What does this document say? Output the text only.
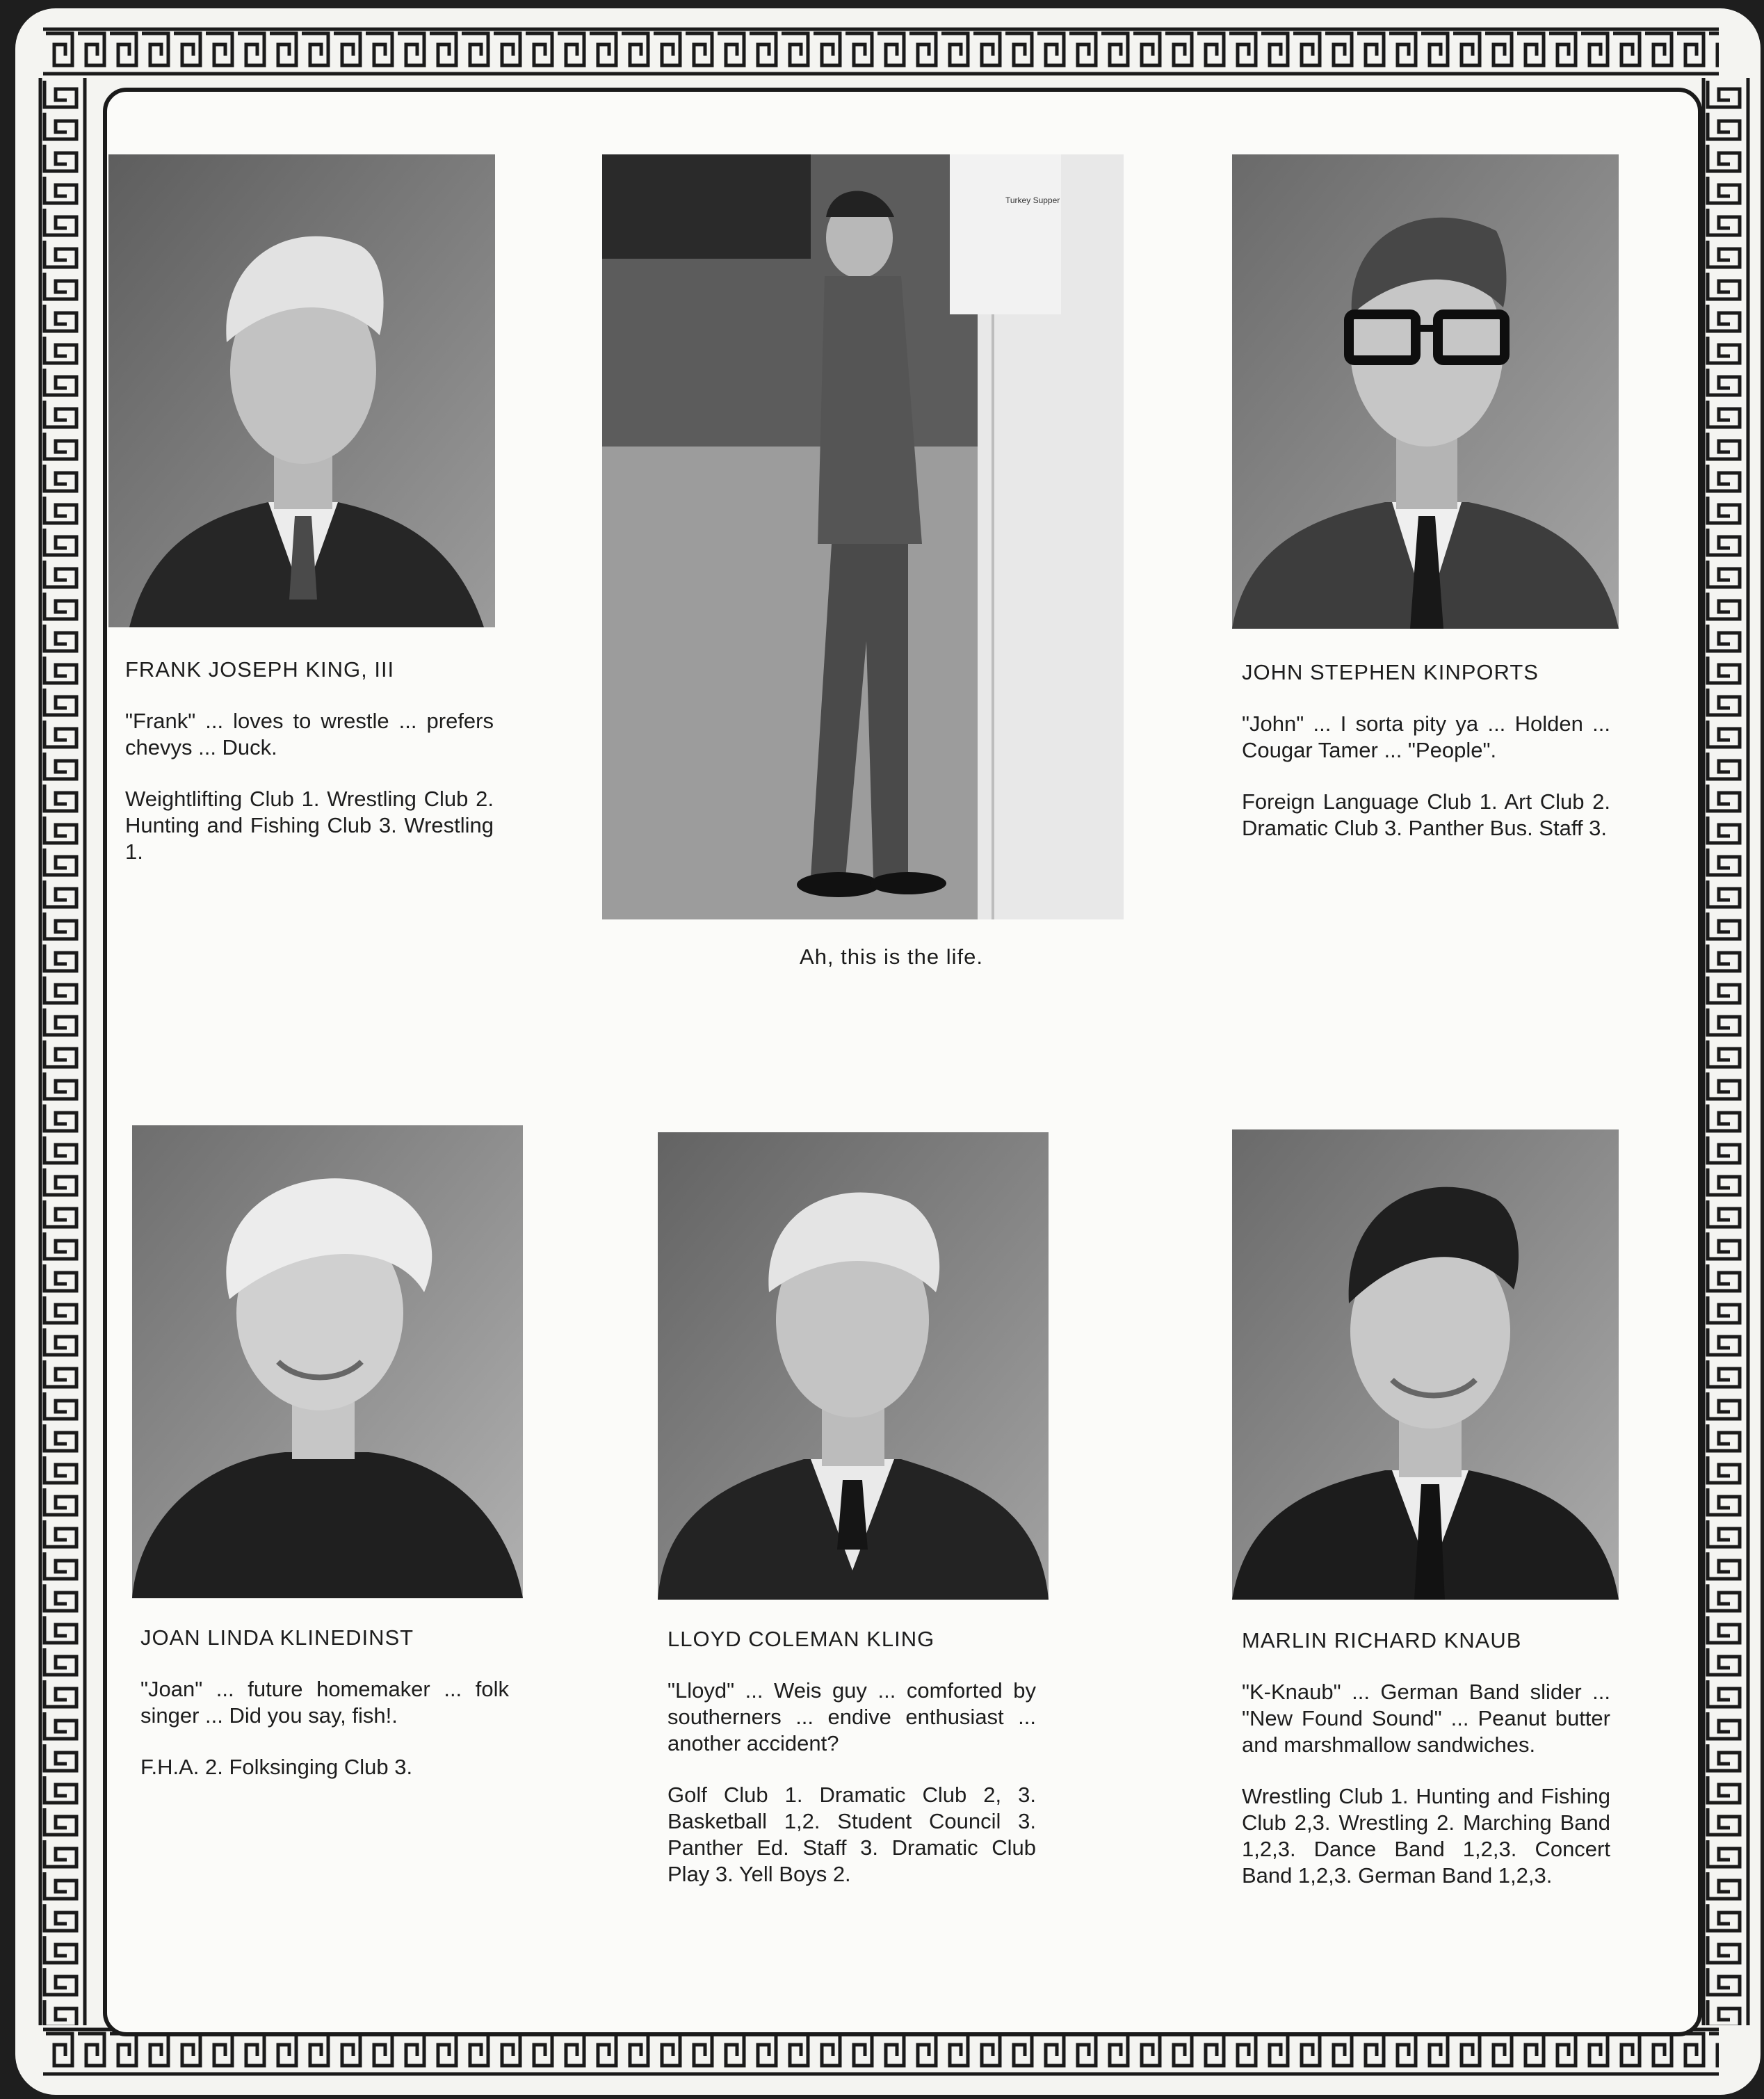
Turkey Supper

FRANK JOSEPH KING, III

"Frank" ... loves to wrestle ... prefers chevys ... Duck.

Weightlifting Club 1. Wrestling Club 2. Hunting and Fishing Club 3. Wrestling 1.

Ah, this is the life.

JOHN STEPHEN KINPORTS

"John" ... I sorta pity ya ... Holden ... Cougar Tamer ... "People".

Foreign Language Club 1. Art Club 2. Dramatic Club 3. Panther Bus. Staff 3.

JOAN LINDA KLINEDINST

"Joan" ... future homemaker ... folk singer ... Did you say, fish!.

F.H.A. 2. Folksinging Club 3.

LLOYD COLEMAN KLING

"Lloyd" ... Weis guy ... comforted by southerners ... endive enthusiast ... another accident?

Golf Club 1. Dramatic Club 2, 3. Basketball 1,2. Student Council 3. Panther Ed. Staff 3. Dramatic Club Play 3. Yell Boys 2.

MARLIN RICHARD KNAUB

"K-Knaub" ... German Band slider ... "New Found Sound" ... Peanut butter and marshmallow sandwiches.

Wrestling Club 1. Hunting and Fishing Club 2,3. Wrestling 2. Marching Band 1,2,3. Dance Band 1,2,3. Concert Band 1,2,3. German Band 1,2,3.
